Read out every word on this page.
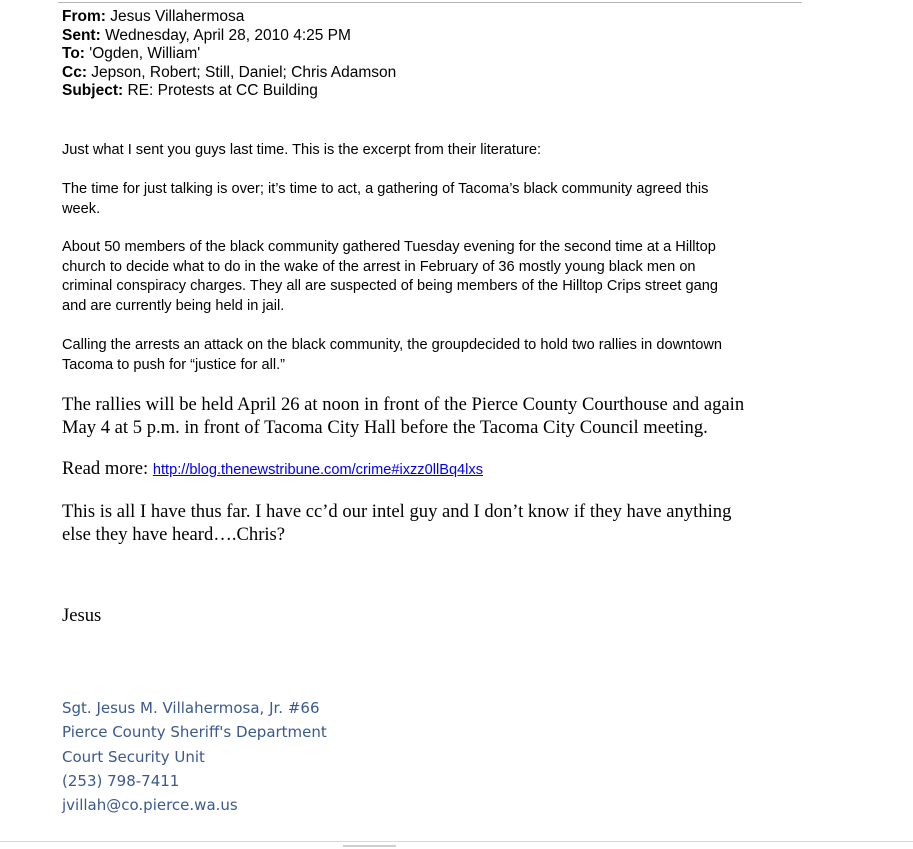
From: Jesus Villahermosa
Sent: Wednesday, April 28, 2010 4:25 PM
To: 'Ogden, William'
Cc: Jepson, Robert; Still, Daniel; Chris Adamson
Subject: RE: Protests at CC Building

Just what I sent you guys last time. This is the excerpt from their literature:

The time for just talking is over; it’s time to act, a gathering of Tacoma’s black community agreed this
week.
About 50 members of the black community gathered Tuesday evening for the second time at a Hilltop
church to decide what to do in the wake of the arrest in February of 36 mostly young black men on
criminal conspiracy charges. They all are suspected of being members of the Hilltop Crips street gang
and are currently being held in jail.
Calling the arrests an attack on the black community, the groupdecided to hold two rallies in downtown
Tacoma to push for “justice for all.”
The rallies will be held April 26 at noon in front of the Pierce County Courthouse and again
May 4 at 5 p.m. in front of Tacoma City Hall before the Tacoma City Council meeting.
Read more: http://blog.thenewstribune.com/crime#ixzz0llBq4lxs
This is all I have thus far. I have cc’d our intel guy and I don’t know if they have anything
else they have heard….Chris?
Jesus
Sgt. Jesus M. Villahermosa, Jr. #66
Pierce County Sheriff's Department
Court Security Unit
(253) 798-7411
jvillah@co.pierce.wa.us
